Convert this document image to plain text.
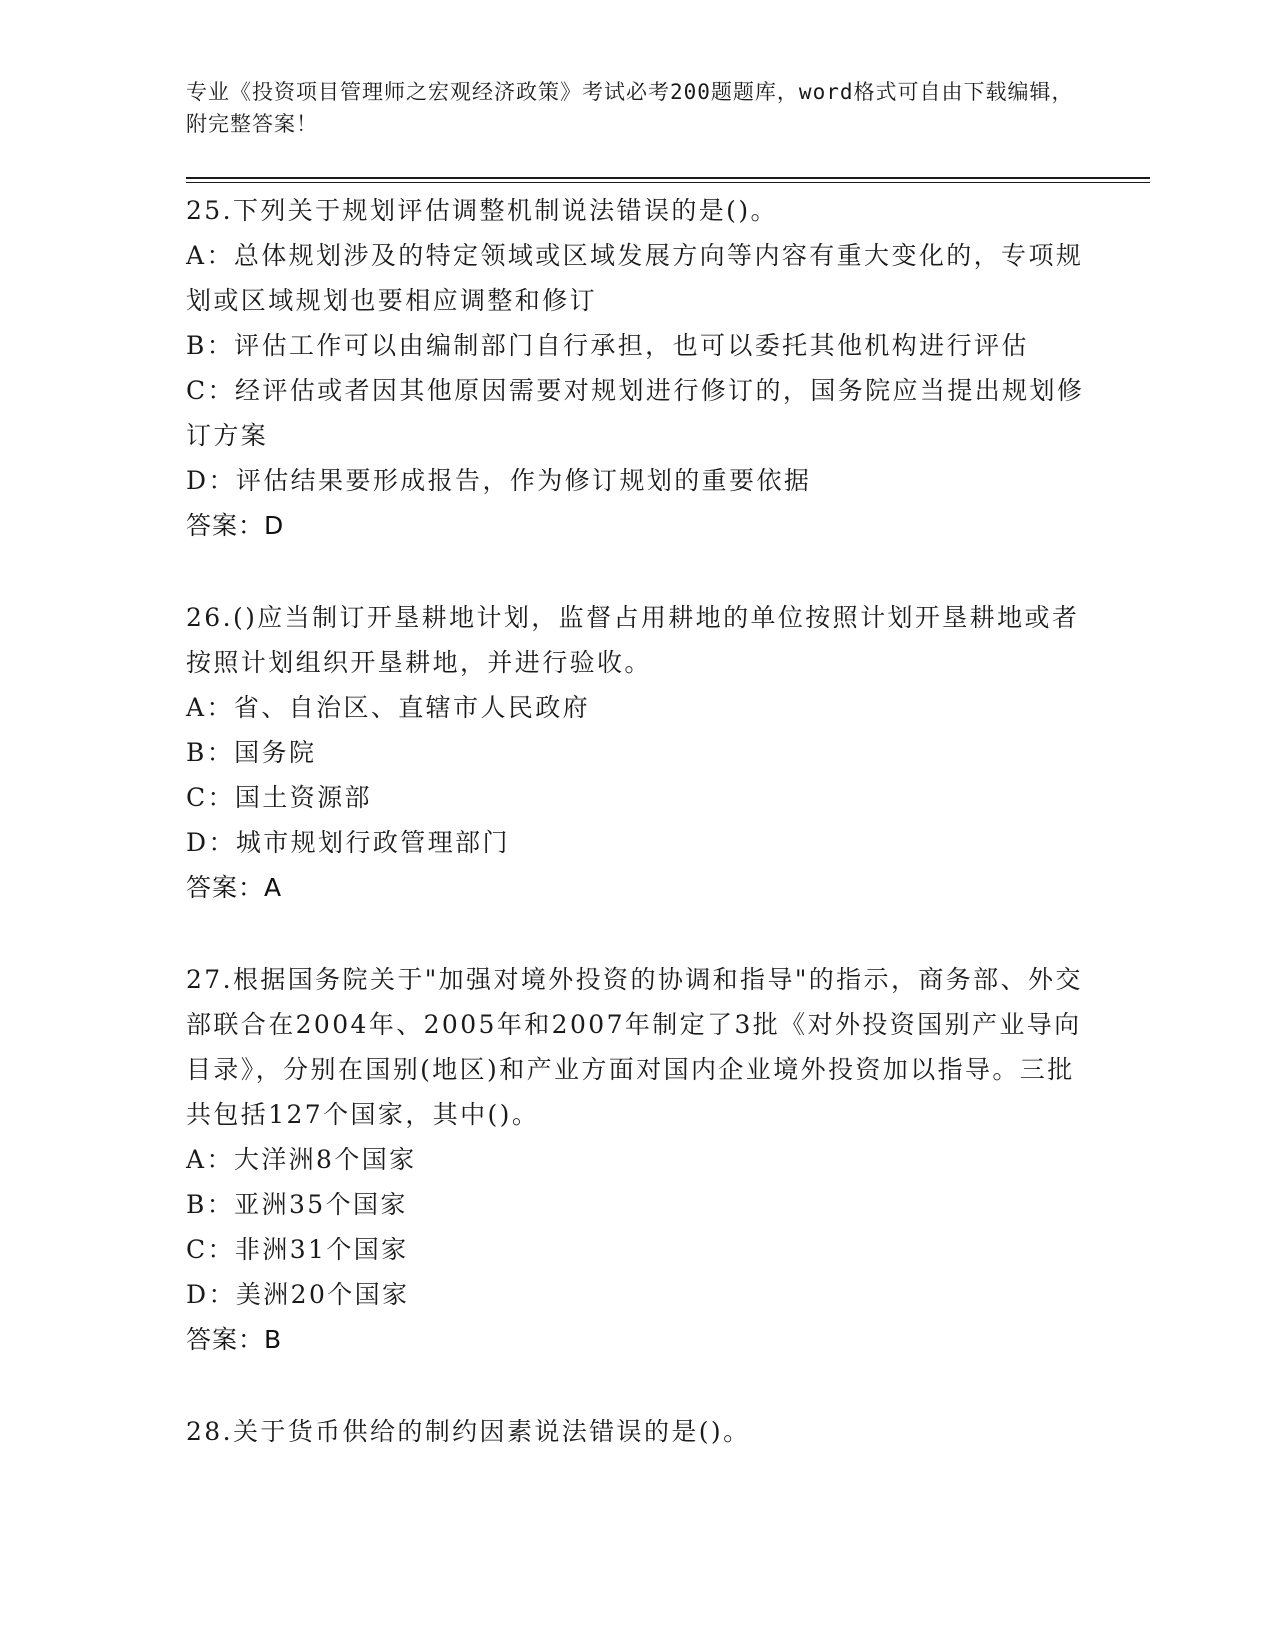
专业《投资项目管理师之宏观经济政策》考试必考200题题库，word格式可自由下载编辑，附完整答案！
25.下列关于规划评估调整机制说法错误的是()。
A：总体规划涉及的特定领域或区域发展方向等内容有重大变化的，专项规划或区域规划也要相应调整和修订
B：评估工作可以由编制部门自行承担，也可以委托其他机构进行评估
C：经评估或者因其他原因需要对规划进行修订的，国务院应当提出规划修订方案
D：评估结果要形成报告，作为修订规划的重要依据
答案：D
26.()应当制订开垦耕地计划，监督占用耕地的单位按照计划开垦耕地或者按照计划组织开垦耕地，并进行验收。
A：省、自治区、直辖市人民政府
B：国务院
C：国土资源部
D：城市规划行政管理部门
答案：A
27.根据国务院关于"加强对境外投资的协调和指导"的指示，商务部、外交部联合在2004年、2005年和2007年制定了3批《对外投资国别产业导向目录》，分别在国别(地区)和产业方面对国内企业境外投资加以指导。三批共包括127个国家，其中()。
A：大洋洲8个国家
B：亚洲35个国家
C：非洲31个国家
D：美洲20个国家
答案：B
28.关于货币供给的制约因素说法错误的是()。
